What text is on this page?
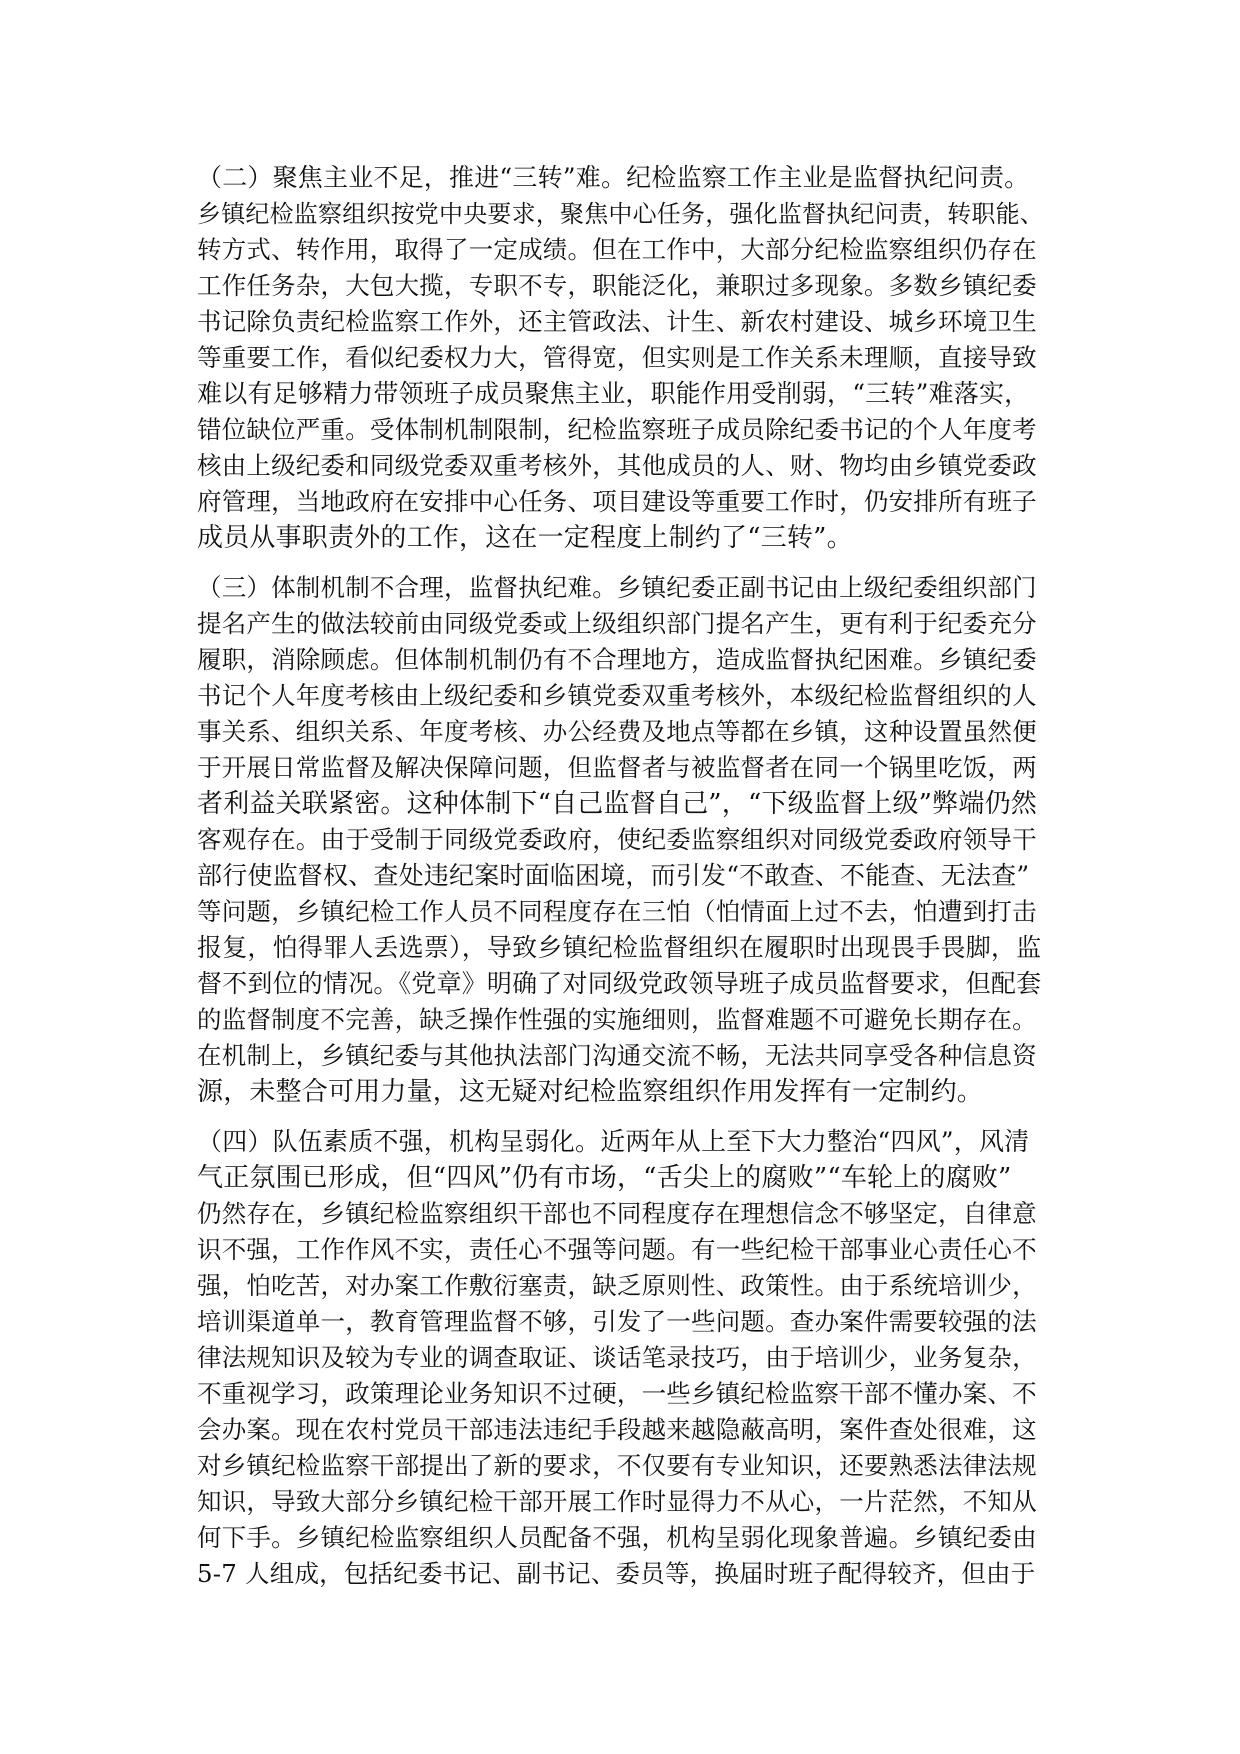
（二）聚焦主业不足，推进“三转”难。纪检监察工作主业是监督执纪问责。
乡镇纪检监察组织按党中央要求，聚焦中心任务，强化监督执纪问责，转职能、
转方式、转作用，取得了一定成绩。但在工作中，大部分纪检监察组织仍存在
工作任务杂，大包大揽，专职不专，职能泛化，兼职过多现象。多数乡镇纪委
书记除负责纪检监察工作外，还主管政法、计生、新农村建设、城乡环境卫生
等重要工作，看似纪委权力大，管得宽，但实则是工作关系未理顺，直接导致
难以有足够精力带领班子成员聚焦主业，职能作用受削弱，“三转”难落实，
错位缺位严重。受体制机制限制，纪检监察班子成员除纪委书记的个人年度考
核由上级纪委和同级党委双重考核外，其他成员的人、财、物均由乡镇党委政
府管理，当地政府在安排中心任务、项目建设等重要工作时，仍安排所有班子
成员从事职责外的工作，这在一定程度上制约了“三转”。
（三）体制机制不合理，监督执纪难。乡镇纪委正副书记由上级纪委组织部门
提名产生的做法较前由同级党委或上级组织部门提名产生，更有利于纪委充分
履职，消除顾虑。但体制机制仍有不合理地方，造成监督执纪困难。乡镇纪委
书记个人年度考核由上级纪委和乡镇党委双重考核外，本级纪检监督组织的人
事关系、组织关系、年度考核、办公经费及地点等都在乡镇，这种设置虽然便
于开展日常监督及解决保障问题，但监督者与被监督者在同一个锅里吃饭，两
者利益关联紧密。这种体制下“自己监督自己”，“下级监督上级”弊端仍然
客观存在。由于受制于同级党委政府，使纪委监察组织对同级党委政府领导干
部行使监督权、查处违纪案时面临困境，而引发“不敢查、不能查、无法查”
等问题，乡镇纪检工作人员不同程度存在三怕（怕情面上过不去，怕遭到打击
报复，怕得罪人丢选票），导致乡镇纪检监督组织在履职时出现畏手畏脚，监
督不到位的情况。《党章》明确了对同级党政领导班子成员监督要求，但配套
的监督制度不完善，缺乏操作性强的实施细则，监督难题不可避免长期存在。
在机制上，乡镇纪委与其他执法部门沟通交流不畅，无法共同享受各种信息资
源，未整合可用力量，这无疑对纪检监察组织作用发挥有一定制约。
（四）队伍素质不强，机构呈弱化。近两年从上至下大力整治“四风”，风清
气正氛围已形成，但“四风”仍有市场，“舌尖上的腐败”“车轮上的腐败”
仍然存在，乡镇纪检监察组织干部也不同程度存在理想信念不够坚定，自律意
识不强，工作作风不实，责任心不强等问题。有一些纪检干部事业心责任心不
强，怕吃苦，对办案工作敷衍塞责，缺乏原则性、政策性。由于系统培训少，
培训渠道单一，教育管理监督不够，引发了一些问题。查办案件需要较强的法
律法规知识及较为专业的调查取证、谈话笔录技巧，由于培训少，业务复杂，
不重视学习，政策理论业务知识不过硬，一些乡镇纪检监察干部不懂办案、不
会办案。现在农村党员干部违法违纪手段越来越隐蔽高明，案件查处很难，这
对乡镇纪检监察干部提出了新的要求，不仅要有专业知识，还要熟悉法律法规
知识，导致大部分乡镇纪检干部开展工作时显得力不从心，一片茫然，不知从
何下手。乡镇纪检监察组织人员配备不强，机构呈弱化现象普遍。乡镇纪委由
5-7 人组成，包括纪委书记、副书记、委员等，换届时班子配得较齐，但由于
